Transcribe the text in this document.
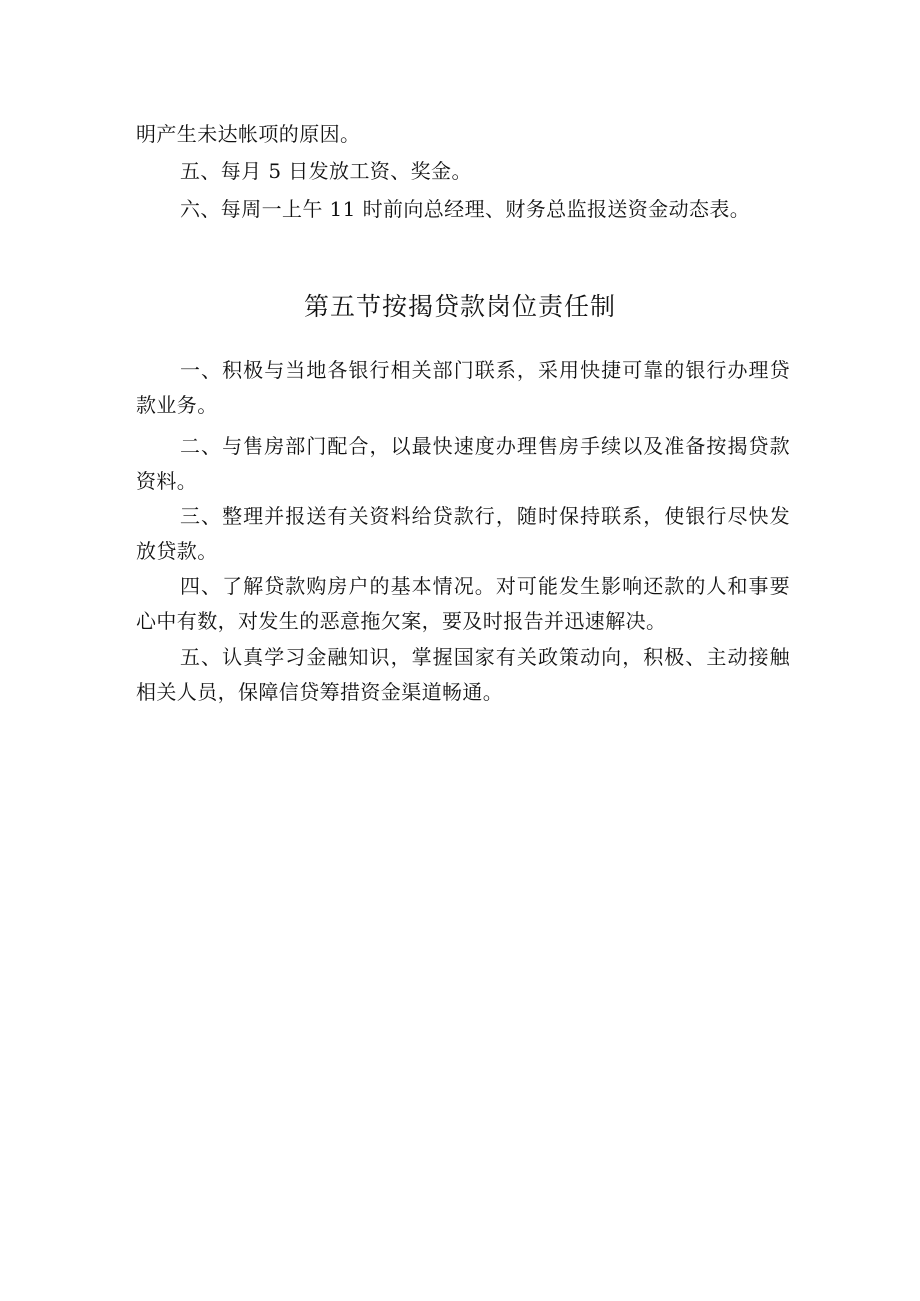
明产生未达帐项的原因。

五、每月 5 日发放工资、奖金。

六、每周一上午 11 时前向总经理、财务总监报送资金动态表。

第五节按揭贷款岗位责任制

一、积极与当地各银行相关部门联系，采用快捷可靠的银行办理贷款业务。

二、与售房部门配合，以最快速度办理售房手续以及准备按揭贷款资料。

三、整理并报送有关资料给贷款行，随时保持联系，使银行尽快发放贷款。

四、了解贷款购房户的基本情况。对可能发生影响还款的人和事要心中有数，对发生的恶意拖欠案，要及时报告并迅速解决。

五、认真学习金融知识，掌握国家有关政策动向，积极、主动接触相关人员，保障信贷筹措资金渠道畅通。
